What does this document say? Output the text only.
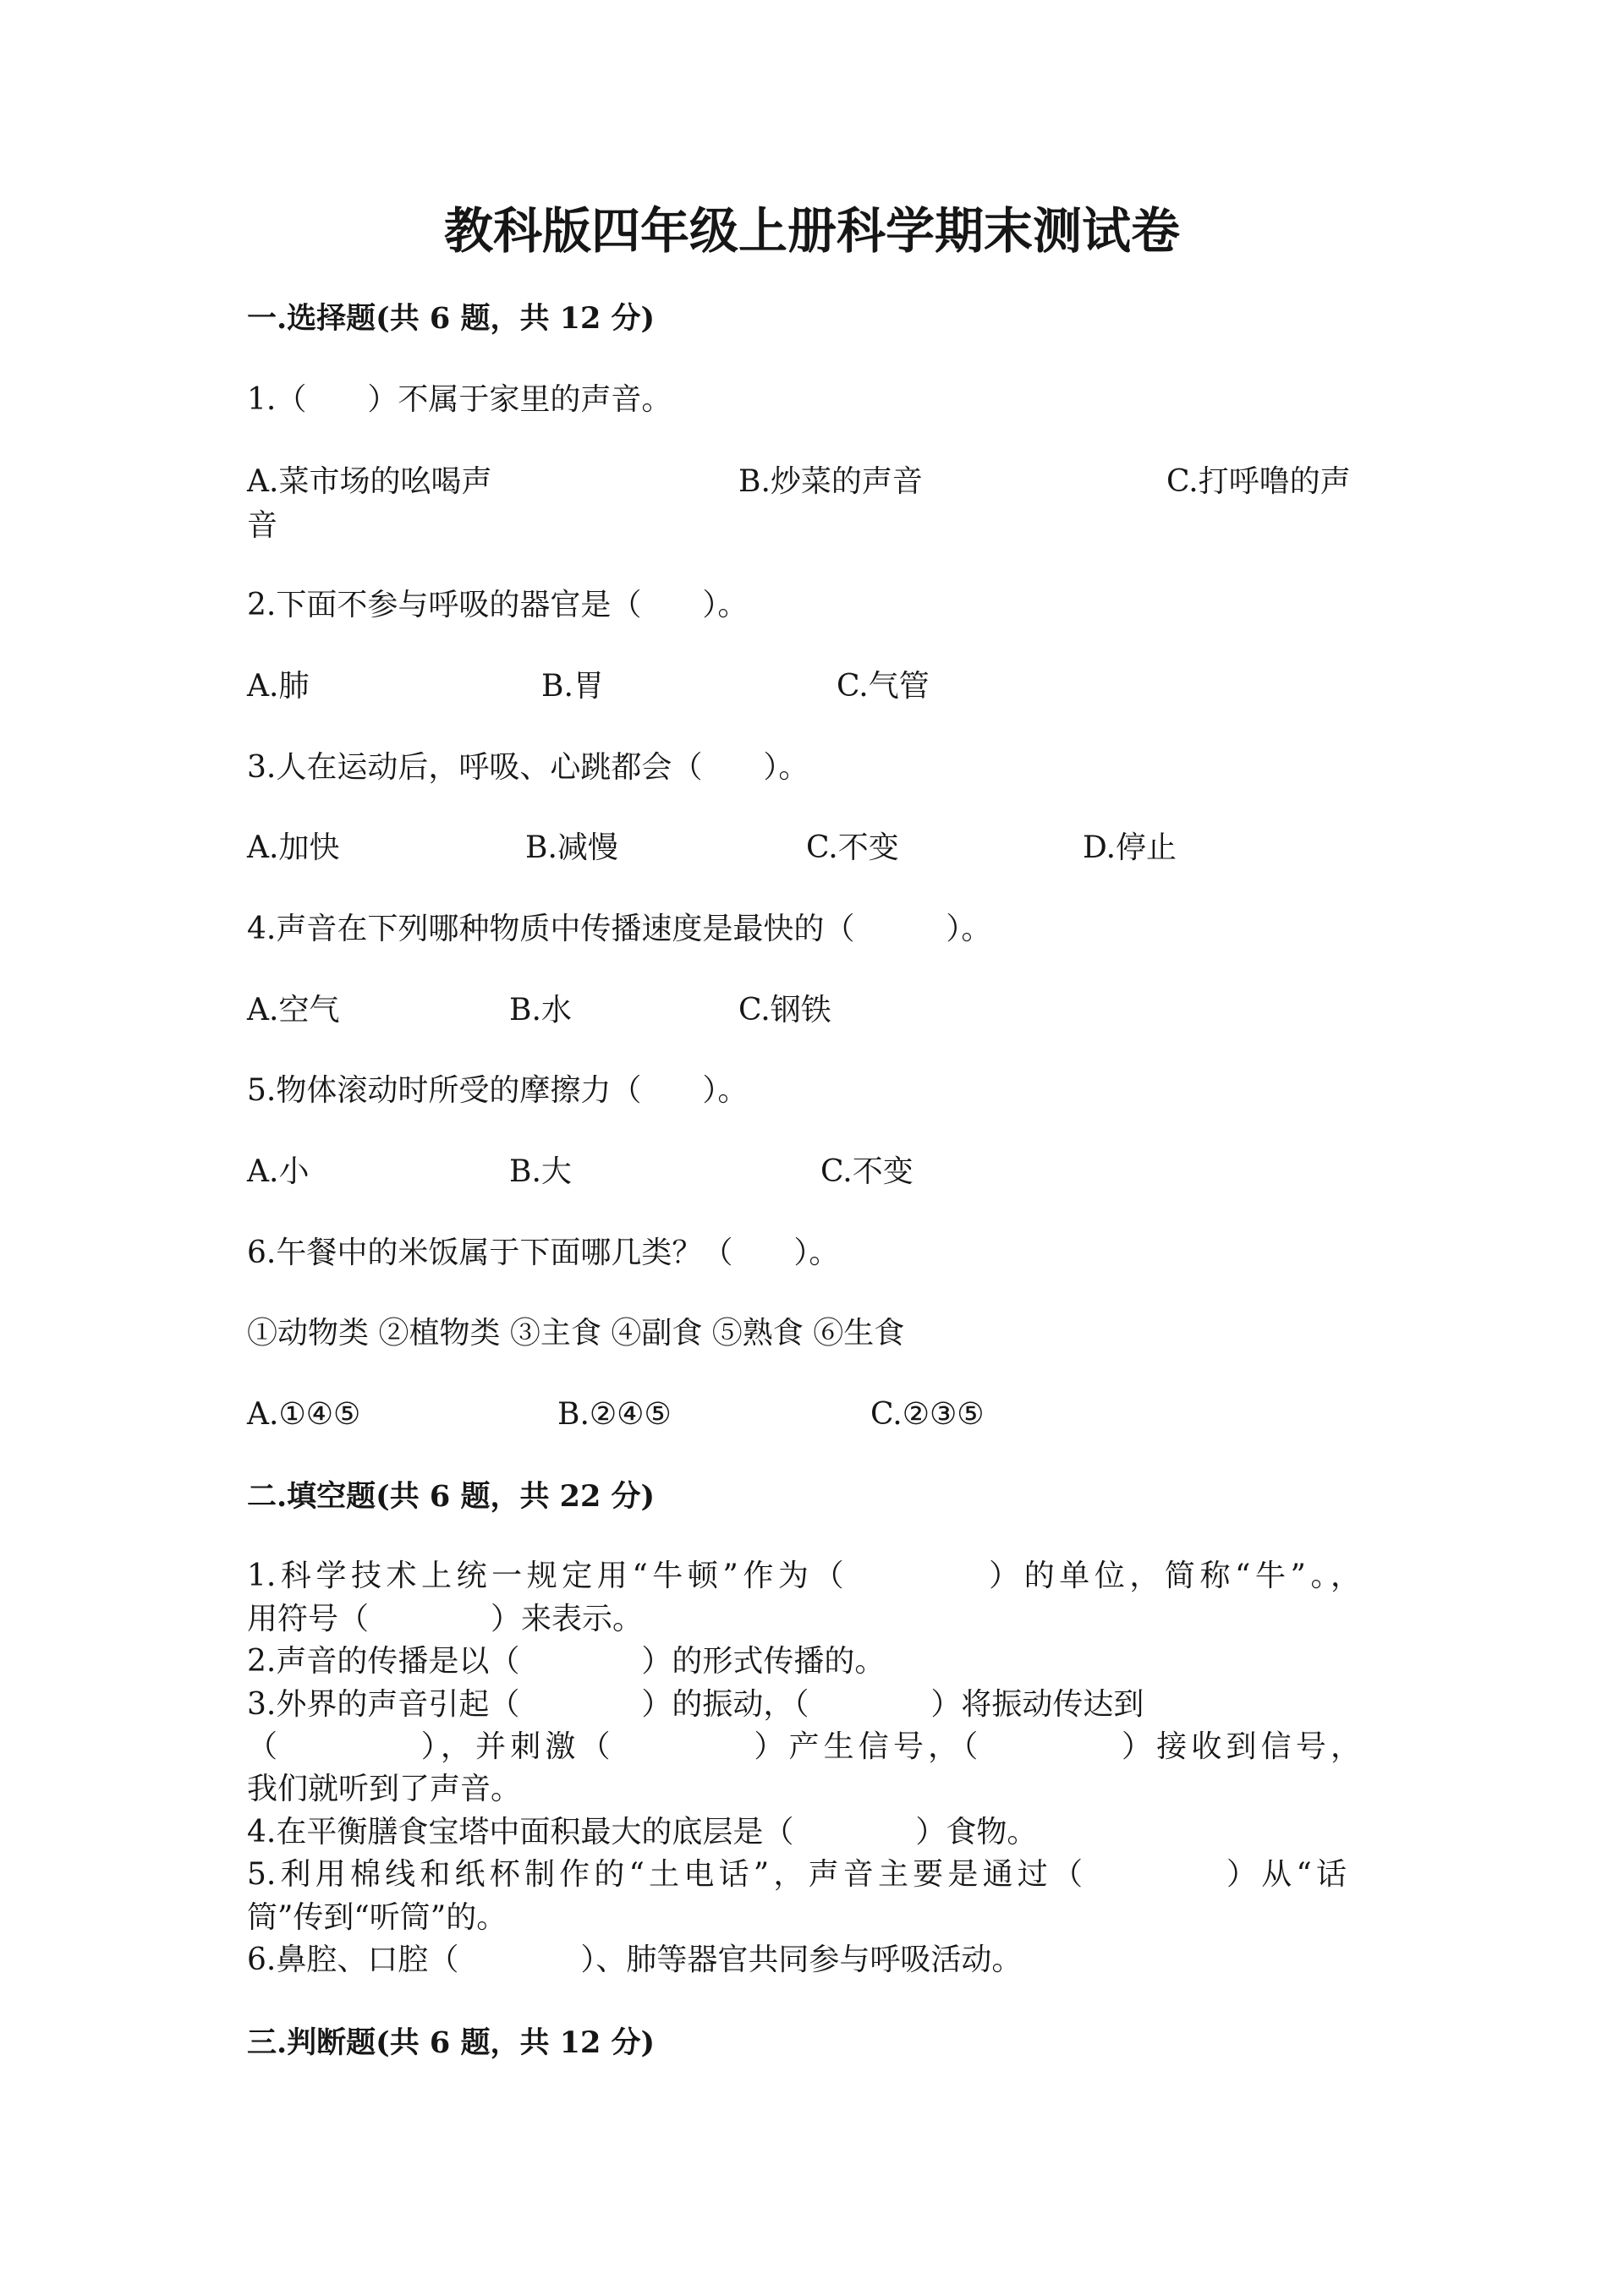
教科版四年级上册科学期末测试卷
一.选择题(共 6 题，共 12 分)
1.（　　）不属于家里的声音。
A.菜市场的吆喝声	B.炒菜的声音	C.打呼噜的声音
2.下面不参与呼吸的器官是（　　）。
A.肺	B.胃	C.气管
3.人在运动后，呼吸、心跳都会（　　）。
A.加快	B.减慢	C.不变	D.停止
4.声音在下列哪种物质中传播速度是最快的（　　　）。
A.空气	B.水	C.钢铁
5.物体滚动时所受的摩擦力（　　）。
A.小	B.大	C.不变
6.午餐中的米饭属于下面哪几类？（　　）。
①动物类 ②植物类 ③主食 ④副食 ⑤熟食 ⑥生食
A.①④⑤	B.②④⑤	C.②③⑤
二.填空题(共 6 题，共 22 分)
1.科学技术上统一规定用“牛顿”作为（　　　　）的单位，简称“牛”。，
用符号（　　　　）来表示。
2.声音的传播是以（　　　　）的形式传播的。
3.外界的声音引起（　　　　）的振动，（　　　　）将振动传达到
（　　　　），并刺激（　　　　）产生信号，（　　　　）接收到信号，
我们就听到了声音。
4.在平衡膳食宝塔中面积最大的底层是（　　　　）食物。
5.利用棉线和纸杯制作的“土电话”，声音主要是通过（　　　　）从“话
筒”传到“听筒”的。
6.鼻腔、口腔（　　　　）、肺等器官共同参与呼吸活动。
三.判断题(共 6 题，共 12 分)
